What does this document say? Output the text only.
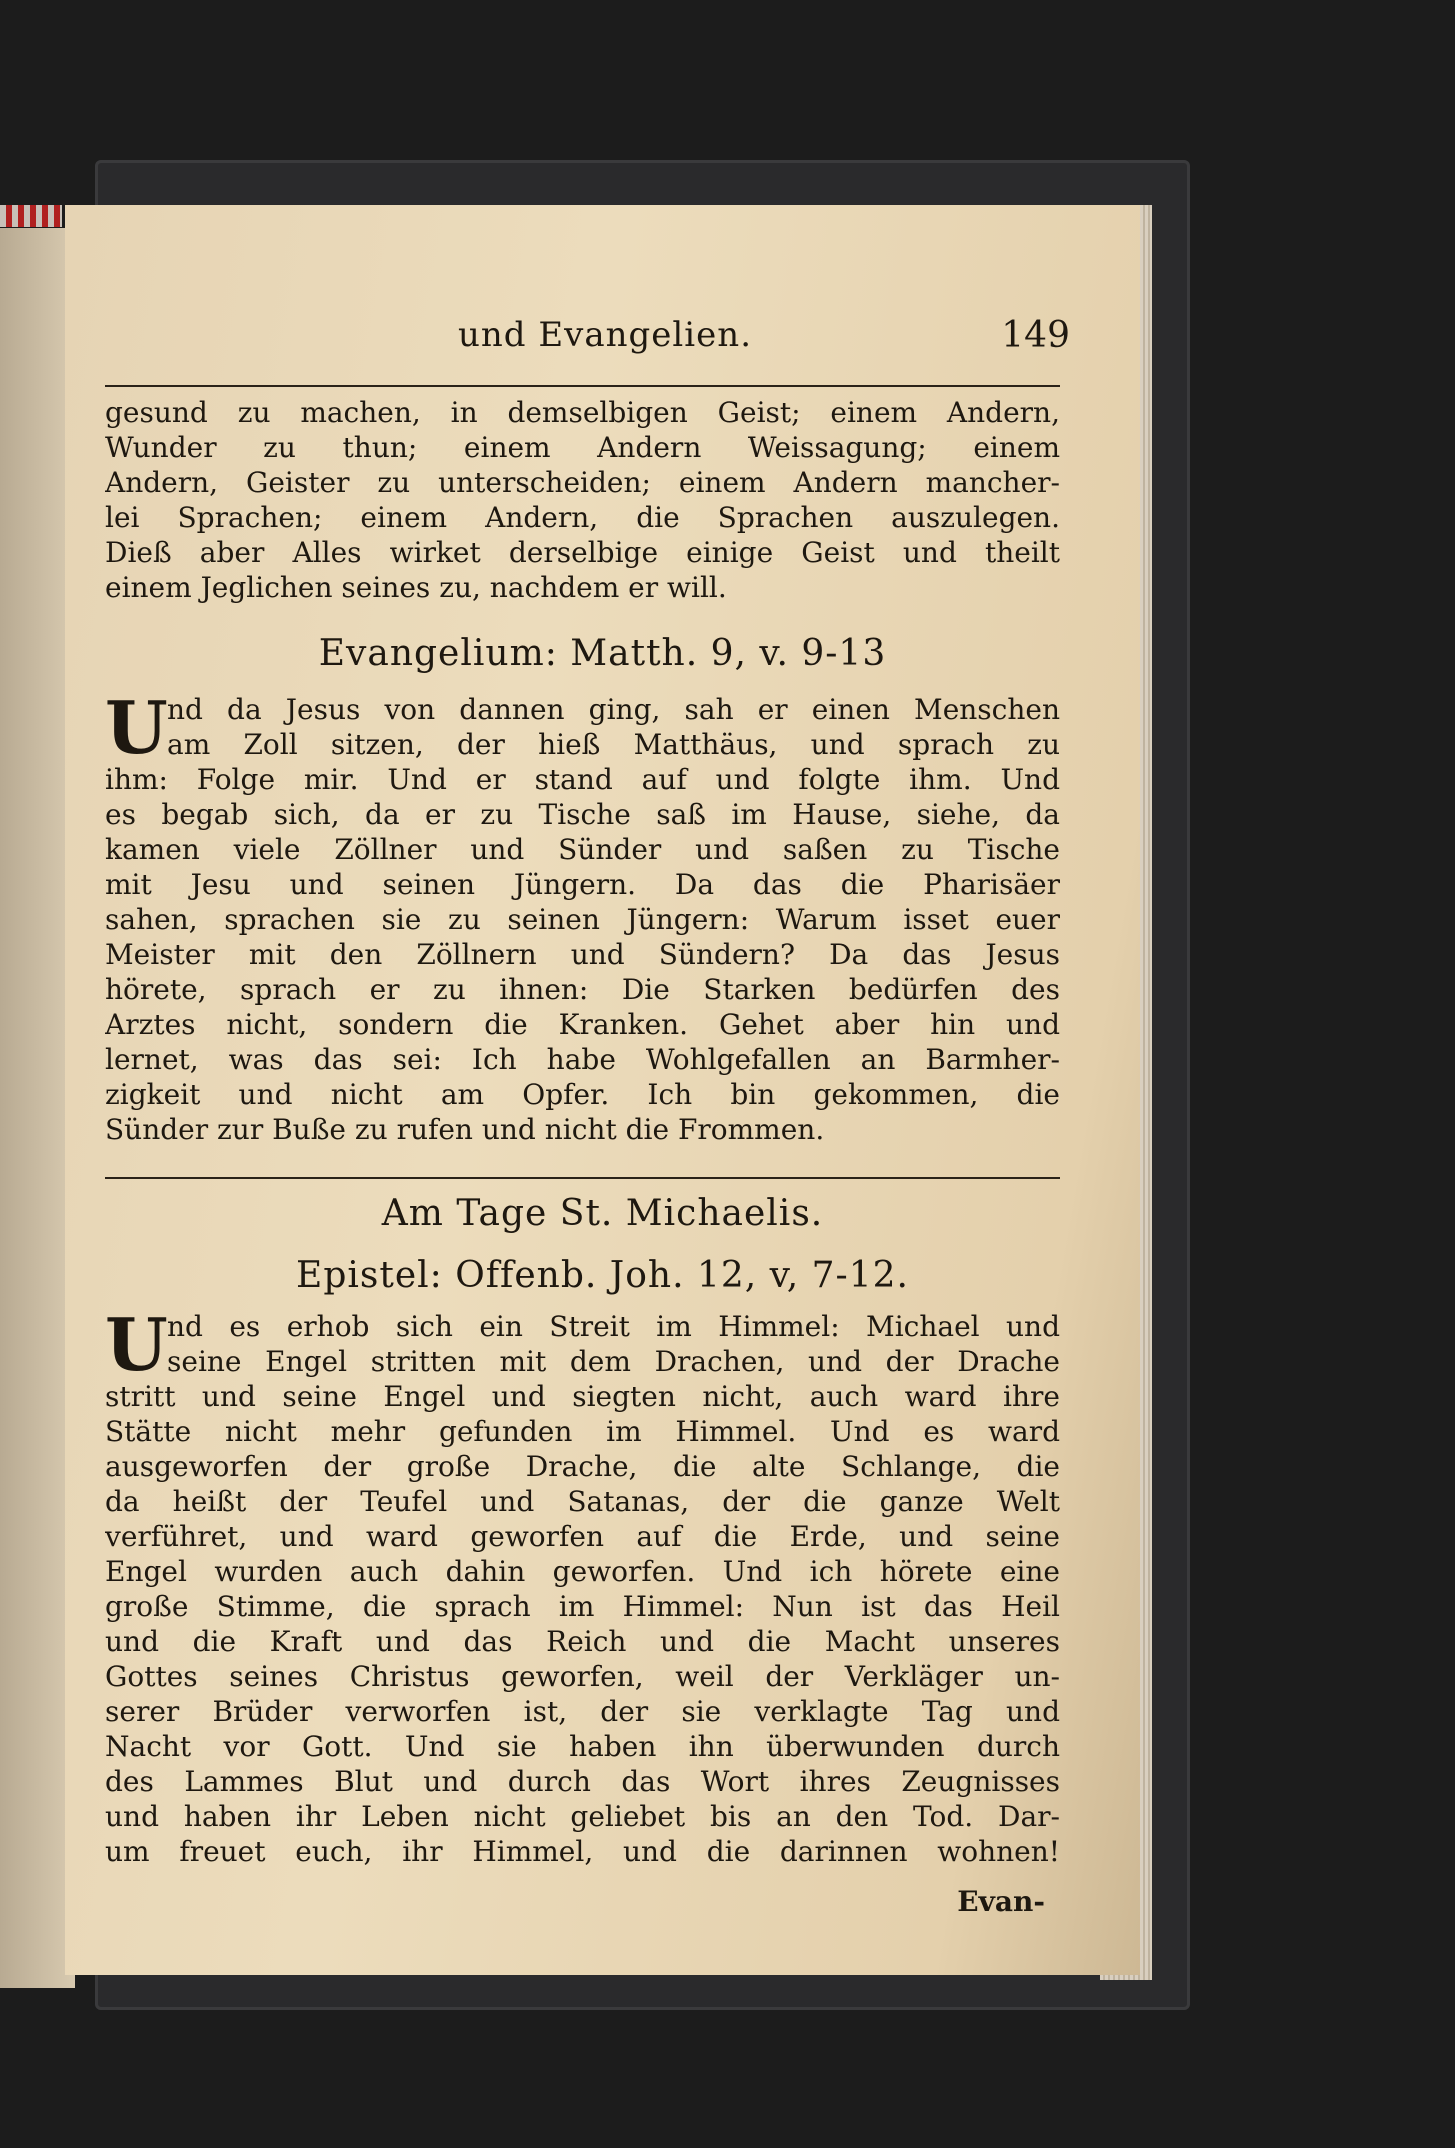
und Evangelien.	149
gesund zu machen, in demselbigen Geist; einem Andern,
Wunder zu thun; einem Andern Weissagung; einem
Andern, Geister zu unterscheiden; einem Andern mancher-
lei Sprachen; einem Andern, die Sprachen auszulegen.
Dieß aber Alles wirket derselbige einige Geist und theilt
einem Jeglichen seines zu, nachdem er will.
Evangelium: Matth. 9, v. 9-13
U nd da Jesus von dannen ging, sah er einen Menschen
am Zoll sitzen, der hieß Matthäus, und sprach zu
ihm: Folge mir. Und er stand auf und folgte ihm. Und
es begab sich, da er zu Tische saß im Hause, siehe, da
kamen viele Zöllner und Sünder und saßen zu Tische
mit Jesu und seinen Jüngern. Da das die Pharisäer
sahen, sprachen sie zu seinen Jüngern: Warum isset euer
Meister mit den Zöllnern und Sündern? Da das Jesus
hörete, sprach er zu ihnen: Die Starken bedürfen des
Arztes nicht, sondern die Kranken. Gehet aber hin und
lernet, was das sei: Ich habe Wohlgefallen an Barmher-
zigkeit und nicht am Opfer. Ich bin gekommen, die
Sünder zur Buße zu rufen und nicht die Frommen.
Am Tage St. Michaelis.
Epistel: Offenb. Joh. 12, v, 7-12.
U nd es erhob sich ein Streit im Himmel: Michael und
seine Engel stritten mit dem Drachen, und der Drache
stritt und seine Engel und siegten nicht, auch ward ihre
Stätte nicht mehr gefunden im Himmel. Und es ward
ausgeworfen der große Drache, die alte Schlange, die
da heißt der Teufel und Satanas, der die ganze Welt
verführet, und ward geworfen auf die Erde, und seine
Engel wurden auch dahin geworfen. Und ich hörete eine
große Stimme, die sprach im Himmel: Nun ist das Heil
und die Kraft und das Reich und die Macht unseres
Gottes seines Christus geworfen, weil der Verkläger un-
serer Brüder verworfen ist, der sie verklagte Tag und
Nacht vor Gott. Und sie haben ihn überwunden durch
des Lammes Blut und durch das Wort ihres Zeugnisses
und haben ihr Leben nicht geliebet bis an den Tod. Dar-
um freuet euch, ihr Himmel, und die darinnen wohnen!
Evan-
